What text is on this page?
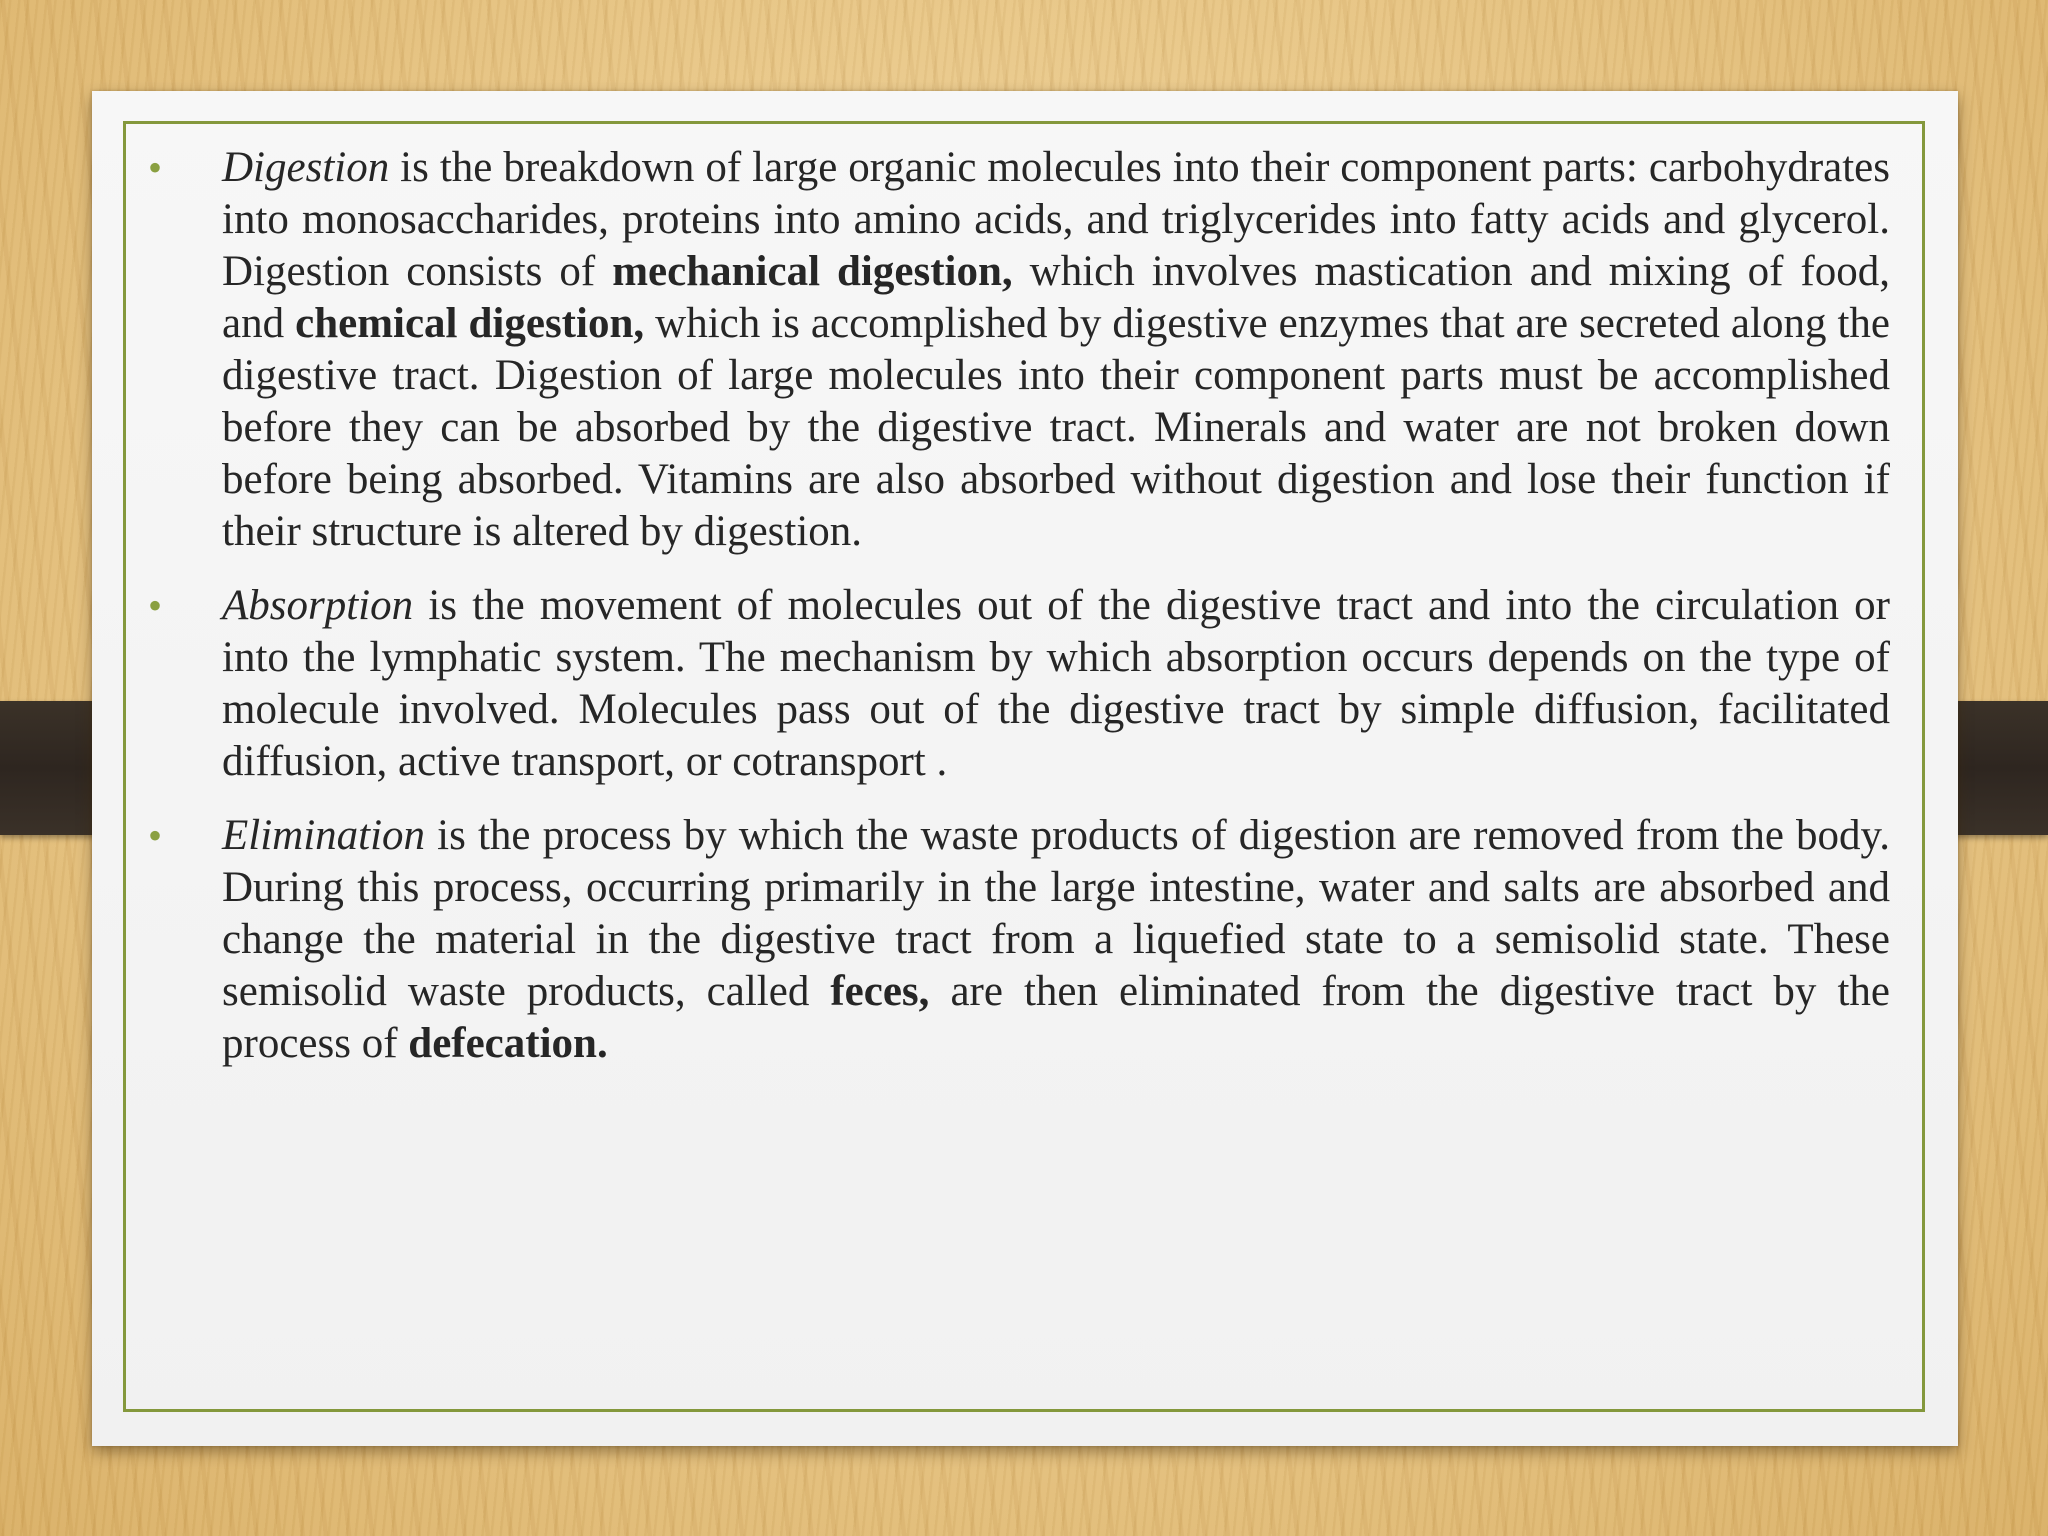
• Digestion is the breakdown of large organic molecules into their component parts: carbohydrates into monosaccharides, proteins into amino acids, and triglycerides into fatty acids and glycerol. Digestion consists of mechanical digestion, which involves mastication and mixing of food, and chemical digestion, which is accomplished by digestive enzymes that are secreted along the digestive tract. Digestion of large molecules into their component parts must be accomplished before they can be absorbed by the digestive tract. Minerals and water are not broken down before being absorbed. Vitamins are also absorbed without digestion and lose their function if their structure is altered by digestion.

• Absorption is the movement of molecules out of the digestive tract and into the circulation or into the lymphatic system. The mechanism by which absorption occurs depends on the type of molecule involved. Molecules pass out of the digestive tract by simple diffusion, facilitated diffusion, active transport, or cotransport .

• Elimination is the process by which the waste products of digestion are removed from the body. During this process, occurring primarily in the large intestine, water and salts are absorbed and change the material in the digestive tract from a liquefied state to a semisolid state. These semisolid waste products, called feces, are then eliminated from the digestive tract by the process of defecation.
